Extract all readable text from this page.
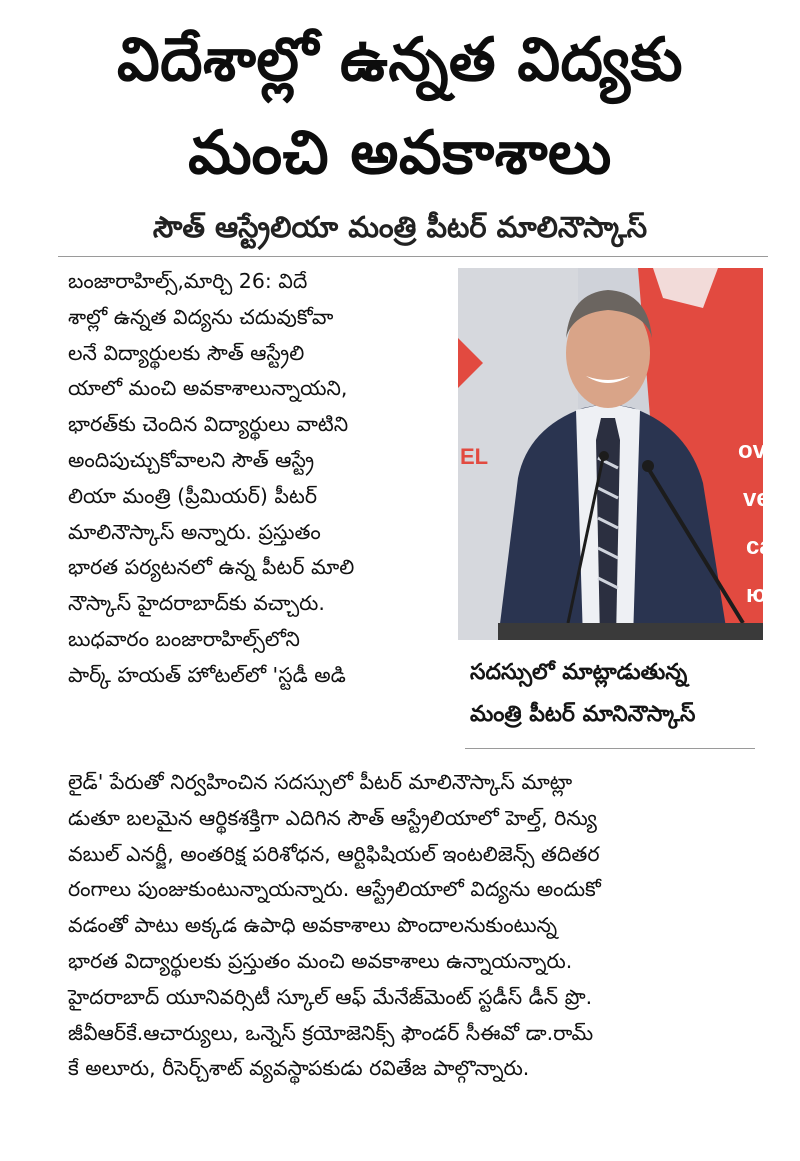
విదేశాల్లో ఉన్నత విద్యకు
మంచి అవకాశాలు
సౌత్ ఆస్ట్రేలియా మంత్రి పీటర్ మాలినౌస్కాస్
బంజారాహిల్స్,మార్చి 26: విదే
శాల్లో ఉన్నత విద్యను చదువుకోవా
లనే విద్యార్థులకు సౌత్ ఆస్ట్రేలి
యాలో మంచి అవకాశాలున్నాయని,
భారత్‌కు చెందిన విద్యార్థులు వాటిని
అందిపుచ్చుకోవాలని సౌత్ ఆస్ట్రే
లియా మంత్రి (ప్రీమియర్) పీటర్
మాలినౌస్కాస్ అన్నారు. ప్రస్తుతం
భారత పర్యటనలో ఉన్న పీటర్ మాలి
నౌస్కాస్ హైదరాబాద్‌కు వచ్చారు.
బుధవారం బంజారాహిల్స్‌లోని
పార్క్ హయత్ హోటల్‌లో 'స్టడీ అడి
EL	ova
ve
ca
ю
సదస్సులో మాట్లాడుతున్న
మంత్రి పీటర్ మానినౌస్కాస్
లైడ్' పేరుతో నిర్వహించిన సదస్సులో పీటర్ మాలినౌస్కాస్ మాట్లా
డుతూ బలమైన ఆర్థికశక్తిగా ఎదిగిన సౌత్ ఆస్ట్రేలియాలో హెల్త్, రిన్యు
వబుల్ ఎనర్జీ, అంతరిక్ష పరిశోధన, ఆర్టిఫిషియల్ ఇంటలిజెన్స్ తదితర
రంగాలు పుంజుకుంటున్నాయన్నారు. ఆస్ట్రేలియాలో విద్యను అందుకో
వడంతో పాటు అక్కడ ఉపాధి అవకాశాలు పొందాలనుకుంటున్న
భారత విద్యార్థులకు ప్రస్తుతం మంచి అవకాశాలు ఉన్నాయన్నారు.
హైదరాబాద్ యూనివర్సిటీ స్కూల్ ఆఫ్ మేనేజ్‌మెంట్ స్టడీస్ డీన్ ప్రొ.
జీవీఆర్‌కే.ఆచార్యులు, ఒన్నెస్ క్రయోజెనిక్స్ ఫౌండర్ సీఈవో డా.రామ్
కే అలూరు, రీసెర్చ్‌శాట్ వ్యవస్థాపకుడు రవితేజ పాల్గొన్నారు.
